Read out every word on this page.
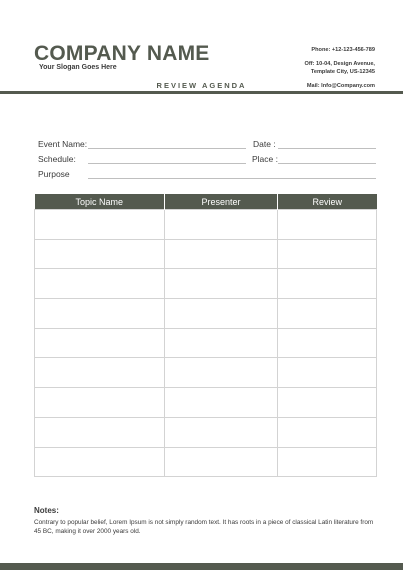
COMPANY NAME
Your Slogan Goes Here
Phone: +12-123-456-789
Off: 10-04, Design Avenue,
Template City, US-12345
Mail: Info@Company.com
REVIEW AGENDA
Event Name:	Date :
Schedule:	Place :
Purpose
Topic Name	Presenter	Review

Notes:
Contrary to popular belief, Lorem Ipsum is not simply random text. It has roots in a piece of classical Latin literature from 45 BC, making it over 2000 years old.
